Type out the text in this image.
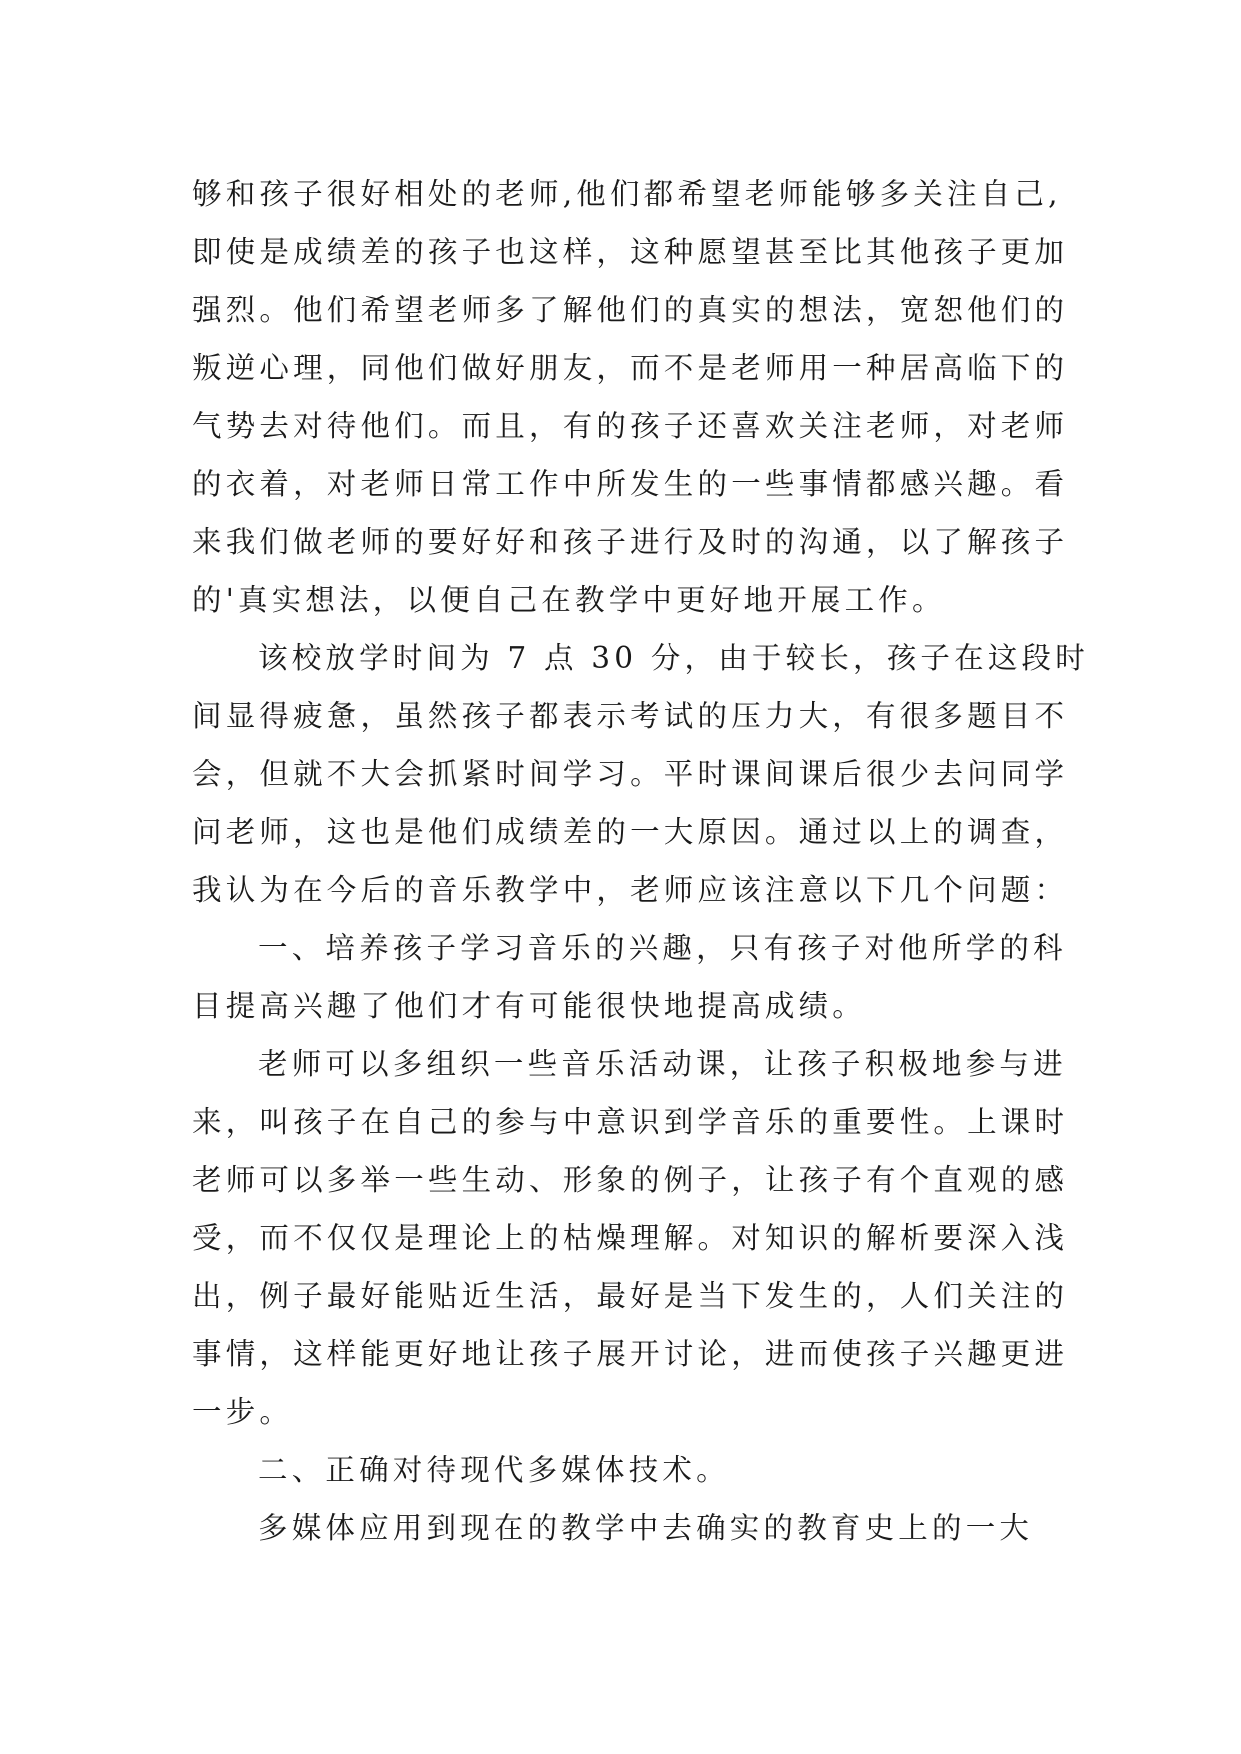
够和孩子很好相处的老师,他们都希望老师能够多关注自己,
即使是成绩差的孩子也这样，这种愿望甚至比其他孩子更加
强烈。他们希望老师多了解他们的真实的想法，宽恕他们的
叛逆心理，同他们做好朋友，而不是老师用一种居高临下的
气势去对待他们。而且，有的孩子还喜欢关注老师，对老师
的衣着，对老师日常工作中所发生的一些事情都感兴趣。看
来我们做老师的要好好和孩子进行及时的沟通，以了解孩子
的'真实想法，以便自己在教学中更好地开展工作。
该校放学时间为 7 点 30 分，由于较长，孩子在这段时
间显得疲惫，虽然孩子都表示考试的压力大，有很多题目不
会，但就不大会抓紧时间学习。平时课间课后很少去问同学
问老师，这也是他们成绩差的一大原因。通过以上的调查，
我认为在今后的音乐教学中，老师应该注意以下几个问题：
一、培养孩子学习音乐的兴趣，只有孩子对他所学的科
目提高兴趣了他们才有可能很快地提高成绩。
老师可以多组织一些音乐活动课，让孩子积极地参与进
来，叫孩子在自己的参与中意识到学音乐的重要性。上课时
老师可以多举一些生动、形象的例子，让孩子有个直观的感
受，而不仅仅是理论上的枯燥理解。对知识的解析要深入浅
出，例子最好能贴近生活，最好是当下发生的，人们关注的
事情，这样能更好地让孩子展开讨论，进而使孩子兴趣更进
一步。
二、正确对待现代多媒体技术。
多媒体应用到现在的教学中去确实的教育史上的一大
